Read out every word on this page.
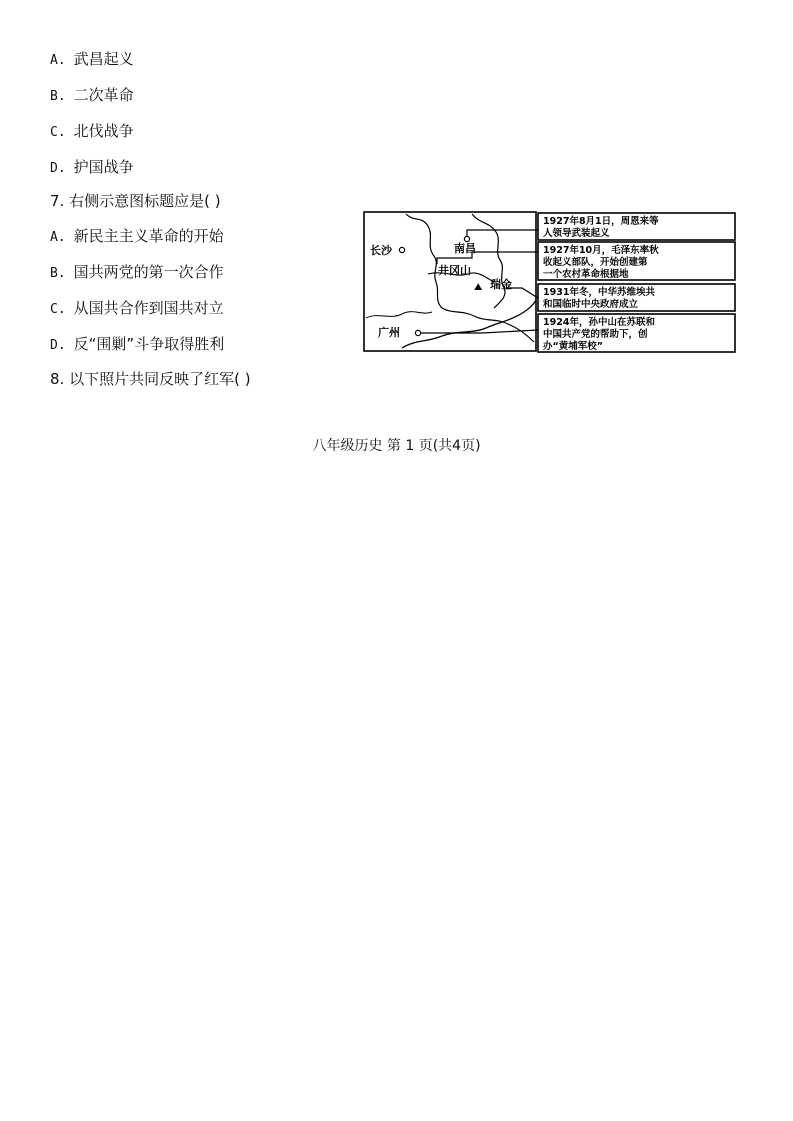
A. 武昌起义
B. 二次革命
C. 北伐战争
D. 护国战争
7. 右侧示意图标题应是( )
A. 新民主主义革命的开始
B. 国共两党的第一次合作
C. 从国共合作到国共对立
D. 反“围剿”斗争取得胜利
⛰
长沙	南昌
井冈山
瑞金
广州
1927年8月1日，周恩来等
人领导武装起义
1927年10月，毛泽东率秋
收起义部队，开始创建第
一个农村革命根据地
1931年冬，中华苏维埃共
和国临时中央政府成立
1924年，孙中山在苏联和
中国共产党的帮助下，创
办“黄埔军校”
8. 以下照片共同反映了红军( )
八年级历史 第 1 页(共4页)
